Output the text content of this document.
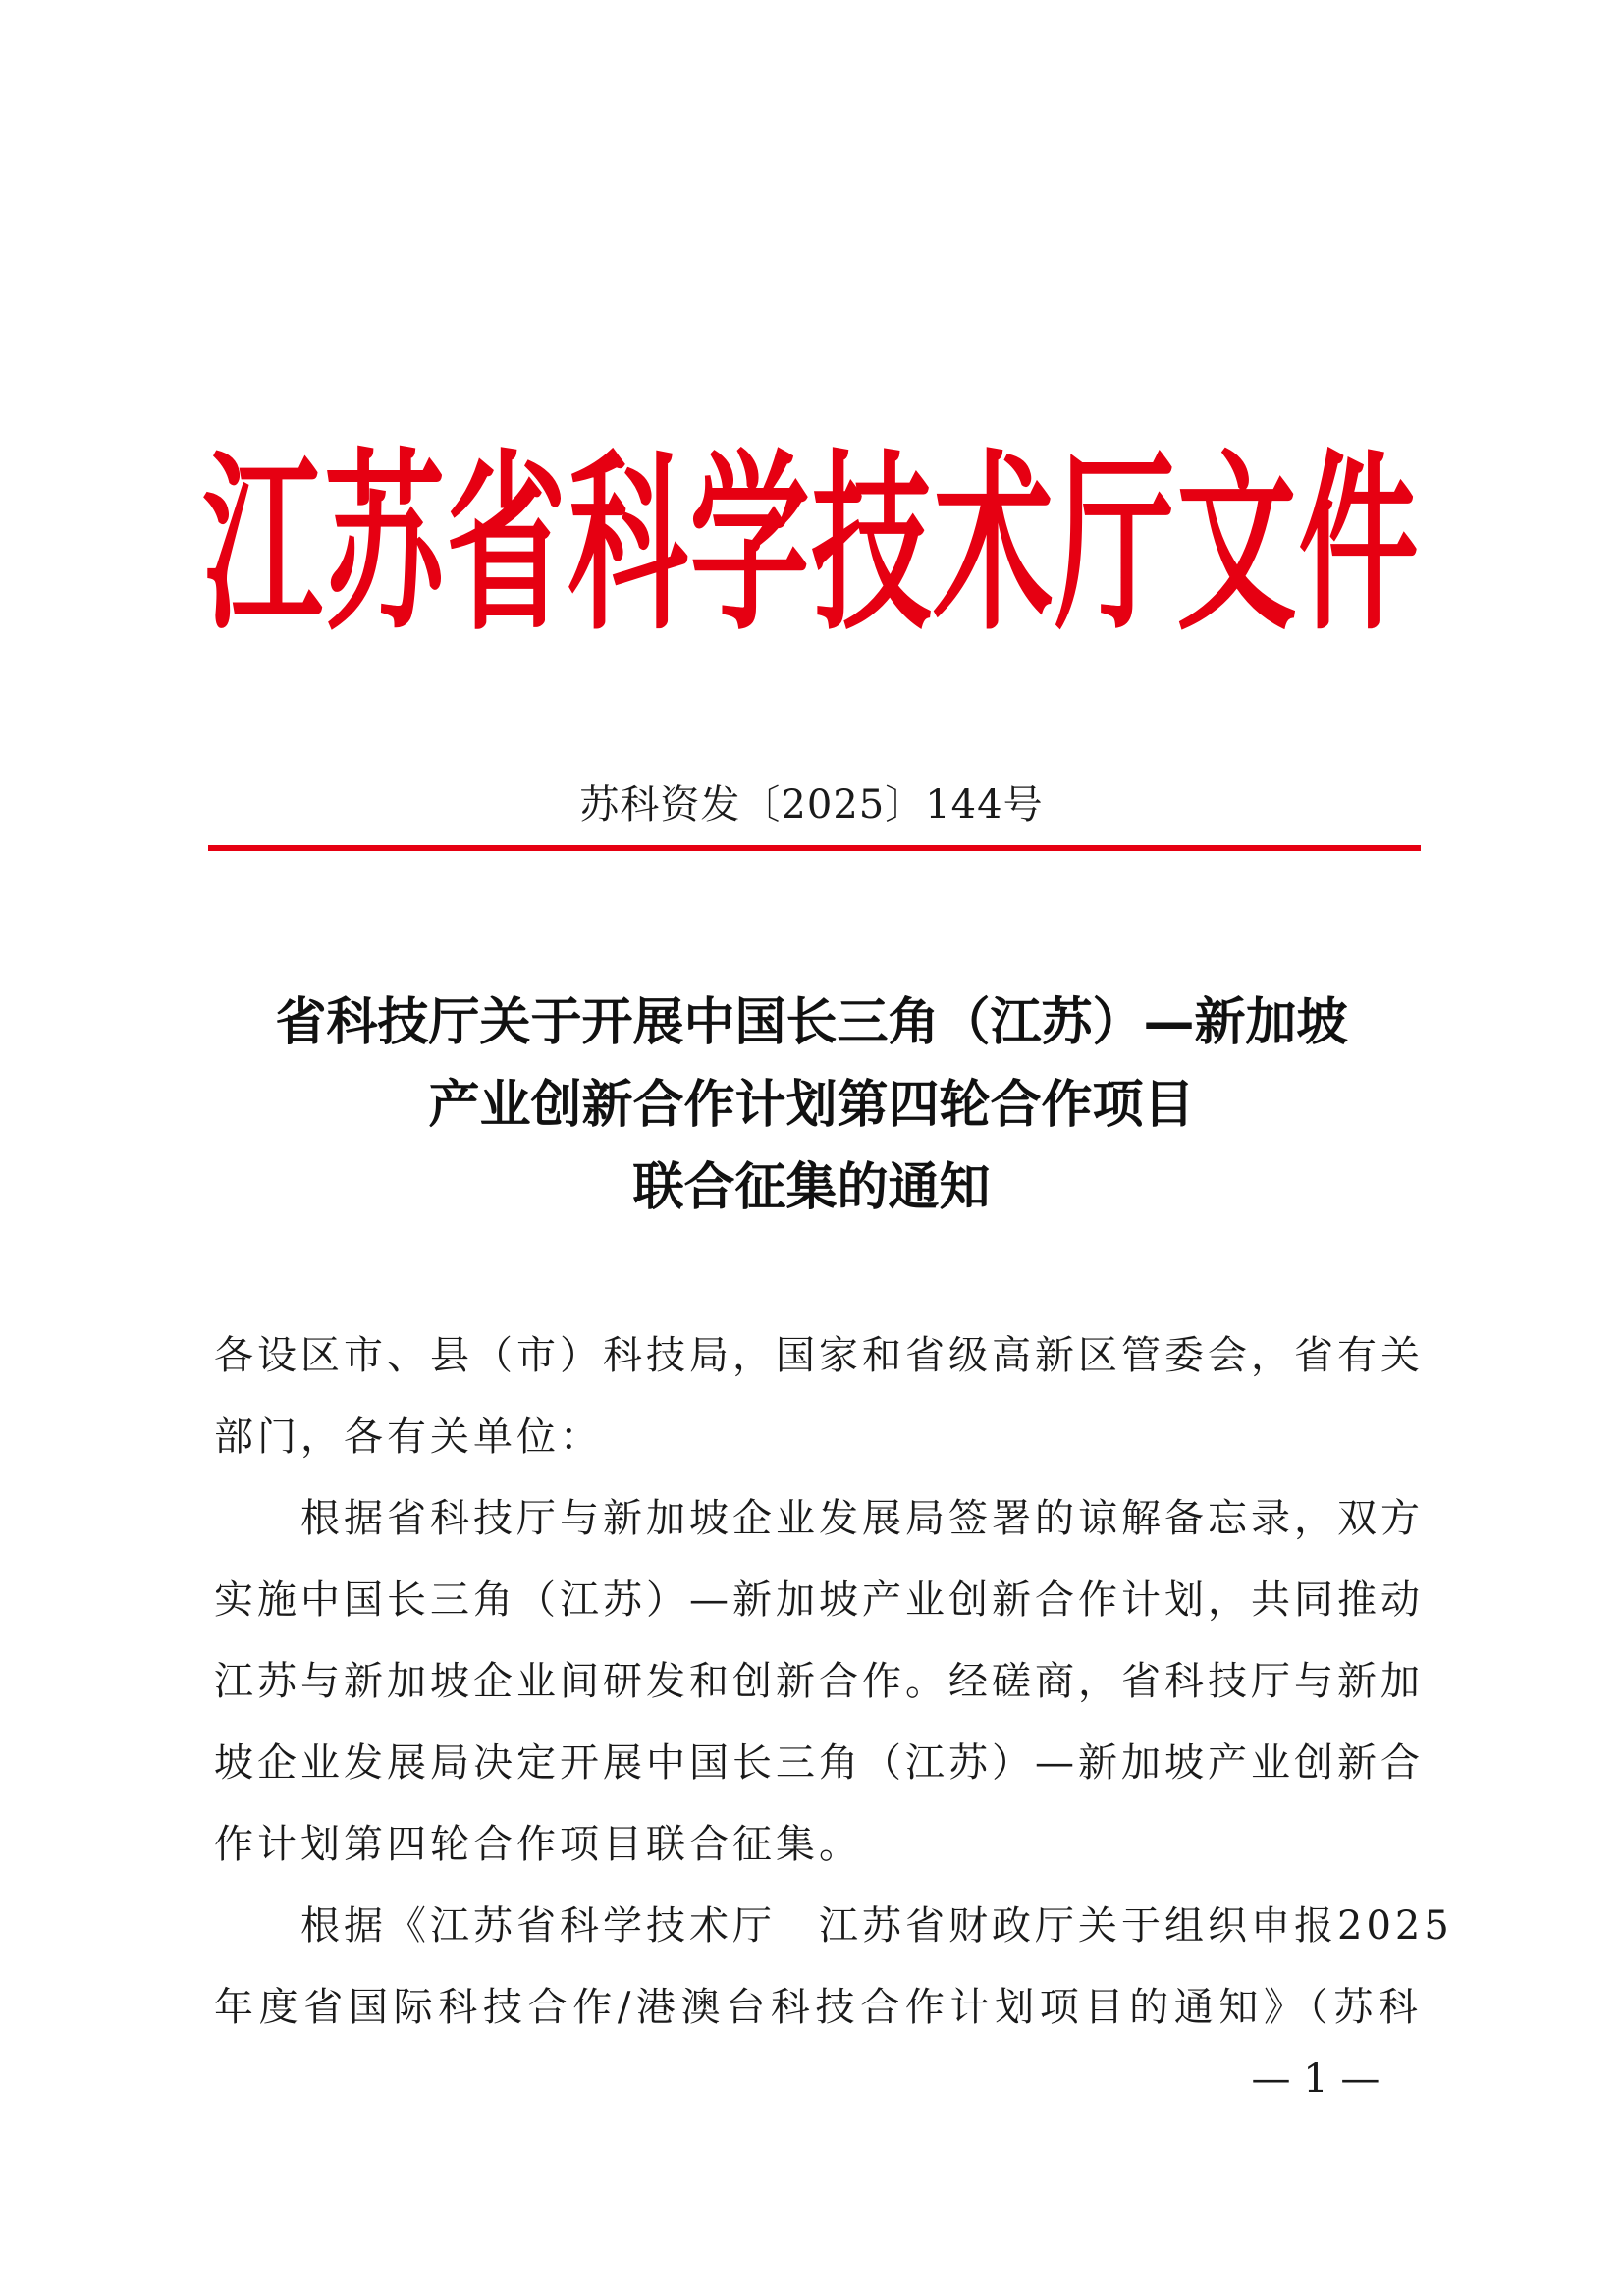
江苏省科学技术厅文件
苏科资发〔2025〕144号
省科技厅关于开展中国长三角（江苏）—新加坡
产业创新合作计划第四轮合作项目
联合征集的通知
各设区市、县（市）科技局，国家和省级高新区管委会，省有关
部门，各有关单位：
根据省科技厅与新加坡企业发展局签署的谅解备忘录，双方
实施中国长三角（江苏）—新加坡产业创新合作计划，共同推动
江苏与新加坡企业间研发和创新合作。经磋商，省科技厅与新加
坡企业发展局决定开展中国长三角（江苏）—新加坡产业创新合
作计划第四轮合作项目联合征集。
根据《江苏省科学技术厅　江苏省财政厅关于组织申报2025
年度省国际科技合作/港澳台科技合作计划项目的通知》（苏科
— 1 —
